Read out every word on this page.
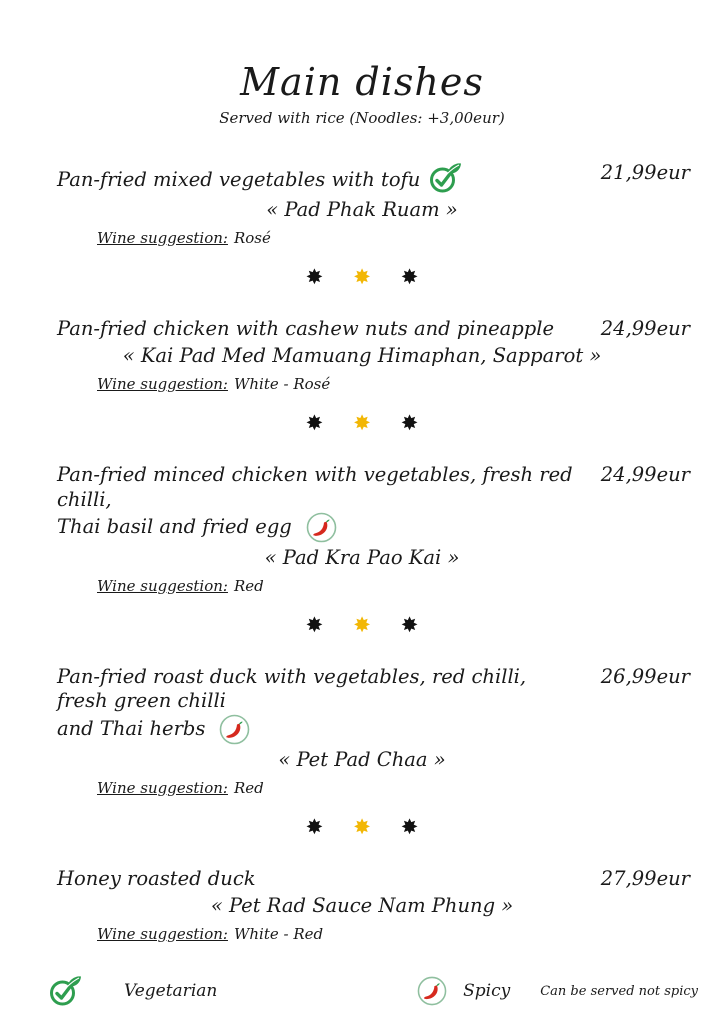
Main dishes
Served with rice (Noodles: +3,00eur)
Pan-fried mixed vegetables with tofu	21,99eur
« Pad Phak Ruam »
Wine suggestion: Rosé
✸ ✸ ✸
Pan-fried chicken with cashew nuts and pineapple 24,99eur
« Kai Pad Med Mamuang Himaphan, Sapparot »
Wine suggestion: White - Rosé
✸ ✸ ✸
Pan-fried minced chicken with vegetables, fresh red chilli,
24,99eur
Thai basil and fried egg
« Pad Kra Pao Kai »
Wine suggestion: Red
✸ ✸ ✸
Pan-fried roast duck with vegetables, red chilli, fresh green chilli
26,99eur
and Thai herbs
« Pet Pad Chaa »
Wine suggestion: Red
✸ ✸ ✸
Honey roasted duck	27,99eur
« Pet Rad Sauce Nam Phung »
Wine suggestion: White - Red
Vegetarian	Spicy Can be served not spicy
